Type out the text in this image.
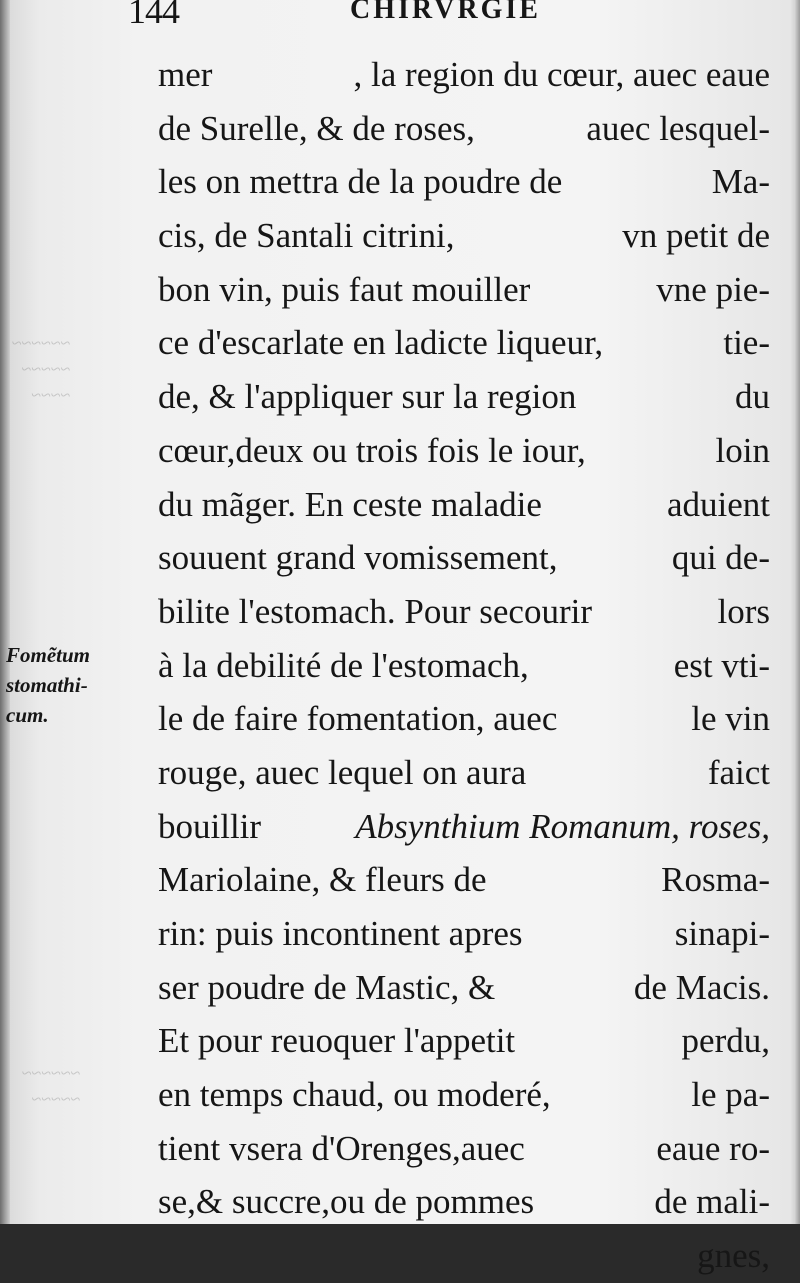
144	CHIRVRGIE
Fomẽtum
stomathi-
cum.
~~~~~~
~~~~~
~~~~
~~~~~~
~~~~~
mer	, la region du cœur, auec eaue
de Surelle, & de roses,	auec lesquel-
les on mettra de la poudre de	Ma-
cis, de Santali citrini,	vn petit de
bon vin, puis faut mouiller	vne pie-
ce d'escarlate en ladicte liqueur,	tie-
de, & l'appliquer sur la region	du
cœur,deux ou trois fois le iour,	loin
du mãger. En ceste maladie	aduient
souuent grand vomissement,	qui de-
bilite l'estomach. Pour secourir	lors
à la debilité de l'estomach,	est vti-
le de faire fomentation, auec	le vin
rouge, auec lequel on aura	faict
bouillir	Absynthium Romanum, roses,
Mariolaine, & fleurs de	Rosma-
rin: puis incontinent apres	sinapi-
ser poudre de Mastic, &	de Macis.
Et pour reuoquer l'appetit	perdu,
en temps chaud, ou moderé,	le pa-
tient vsera d'Orenges,auec	eaue ro-
se,& succre,ou de pommes	de mali-
gnes,
